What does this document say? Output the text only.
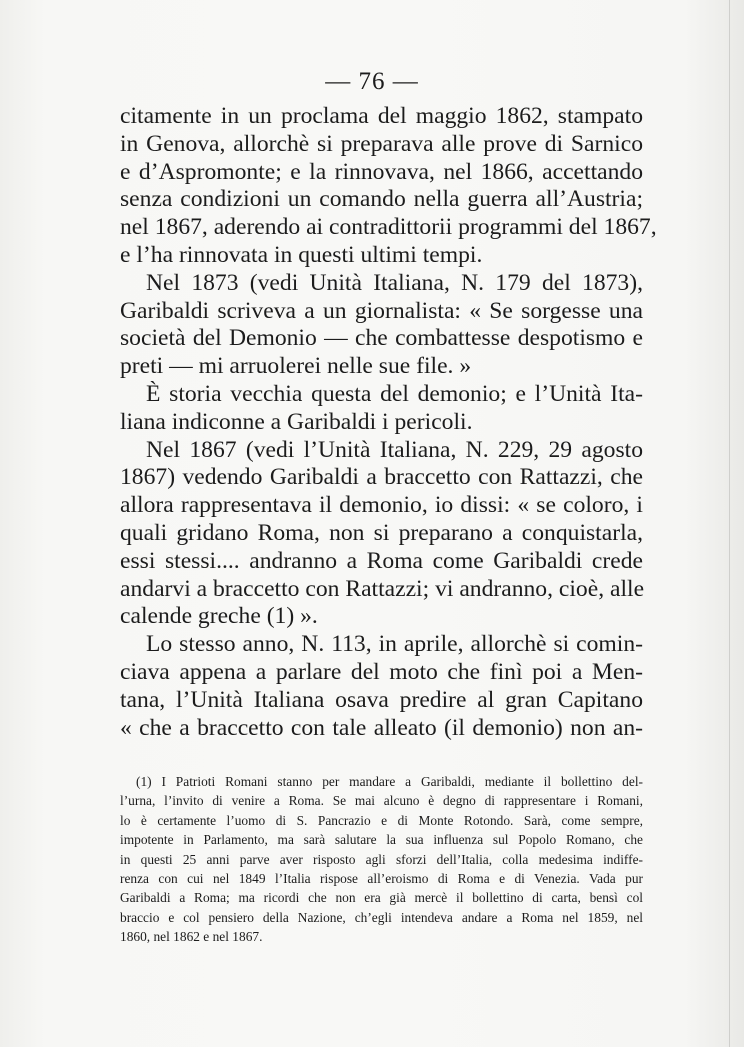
— 76 —
citamente in un proclama del maggio 1862, stampato
in Genova, allorchè si preparava alle prove di Sarnico
e d’Aspromonte; e la rinnovava, nel 1866, accettando
senza condizioni un comando nella guerra all’Austria;
nel 1867, aderendo ai contradittorii programmi del 1867,
e l’ha rinnovata in questi ultimi tempi.
Nel 1873 (vedi Unità Italiana, N. 179 del 1873),
Garibaldi scriveva a un giornalista: « Se sorgesse una
società del Demonio — che combattesse despotismo e
preti — mi arruolerei nelle sue file. »
È storia vecchia questa del demonio; e l’Unità Ita-
liana indiconne a Garibaldi i pericoli.
Nel 1867 (vedi l’Unità Italiana, N. 229, 29 agosto
1867) vedendo Garibaldi a braccetto con Rattazzi, che
allora rappresentava il demonio, io dissi: « se coloro, i
quali gridano Roma, non si preparano a conquistarla,
essi stessi.... andranno a Roma come Garibaldi crede
andarvi a braccetto con Rattazzi; vi andranno, cioè, alle
calende greche (1) ».
Lo stesso anno, N. 113, in aprile, allorchè si comin-
ciava appena a parlare del moto che finì poi a Men-
tana, l’Unità Italiana osava predire al gran Capitano
« che a braccetto con tale alleato (il demonio) non an-
(1) I Patrioti Romani stanno per mandare a Garibaldi, mediante il bollettino del-
l’urna, l’invito di venire a Roma. Se mai alcuno è degno di rappresentare i Romani,
lo è certamente l’uomo di S. Pancrazio e di Monte Rotondo. Sarà, come sempre,
impotente in Parlamento, ma sarà salutare la sua influenza sul Popolo Romano, che
in questi 25 anni parve aver risposto agli sforzi dell’Italia, colla medesima indiffe-
renza con cui nel 1849 l’Italia rispose all’eroismo di Roma e di Venezia. Vada pur
Garibaldi a Roma; ma ricordi che non era già mercè il bollettino di carta, bensì col
braccio e col pensiero della Nazione, ch’egli intendeva andare a Roma nel 1859, nel
1860, nel 1862 e nel 1867.
